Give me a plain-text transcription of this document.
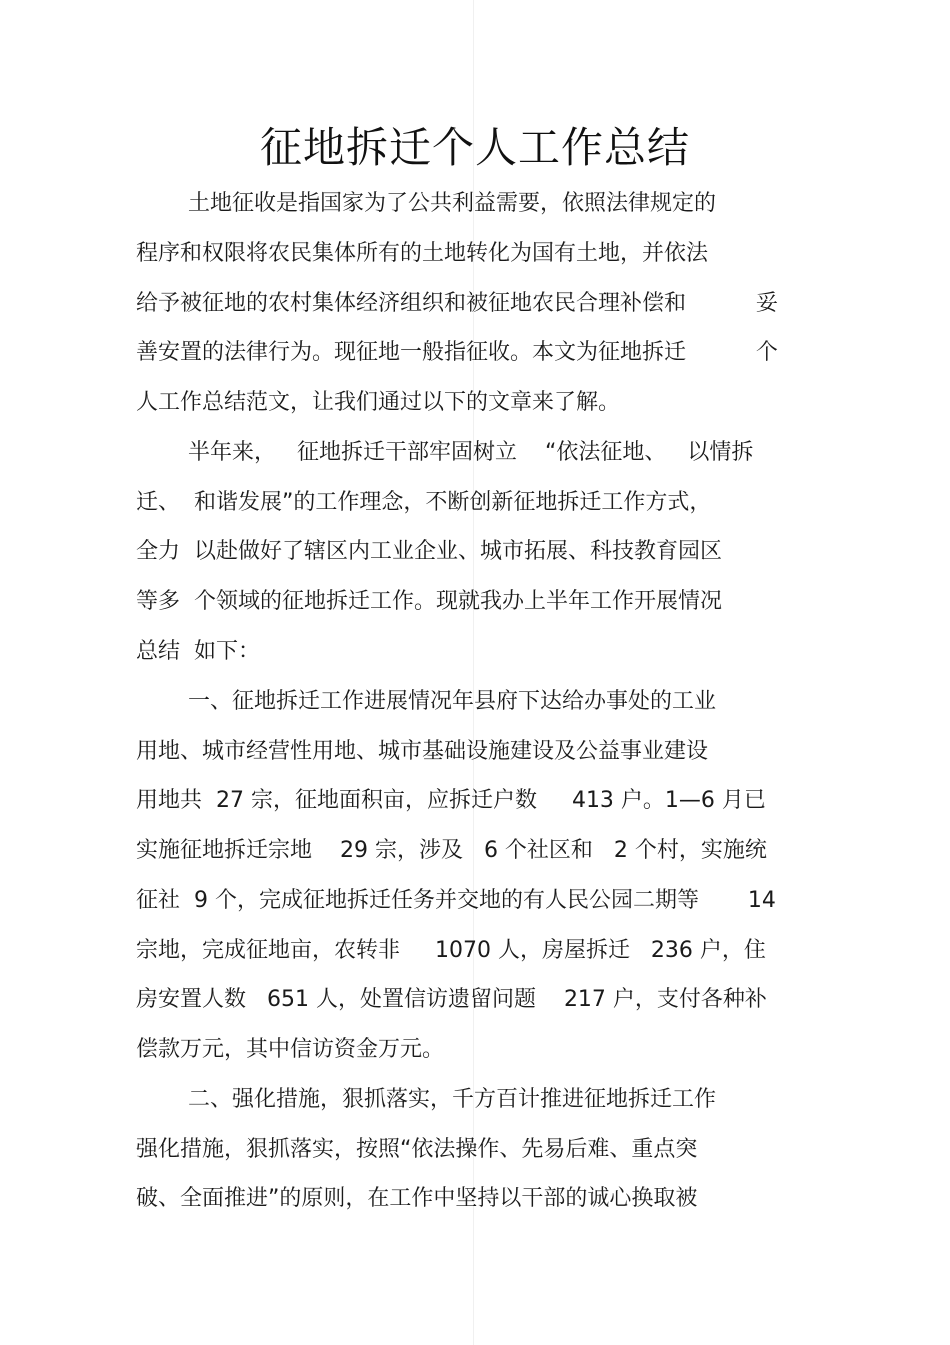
征地拆迁个人工作总结
土地征收是指国家为了公共利益需要，依照法律规定的
程序和权限将农民集体所有的土地转化为国有土地，并依法
给予被征地的农村集体经济组织和被征地农民合理补偿和          妥
善安置的法律行为。现征地一般指征收。本文为征地拆迁          个
人工作总结范文，让我们通过以下的文章来了解。
半年来，   征地拆迁干部牢固树立    “依法征地、   以情拆
迁、  和谐发展”的工作理念，不断创新征地拆迁工作方式，
全力  以赴做好了辖区内工业企业、城市拓展、科技教育园区
等多  个领域的征地拆迁工作。现就我办上半年工作开展情况
总结  如下：
一、征地拆迁工作进展情况年县府下达给办事处的工业
用地、城市经营性用地、城市基础设施建设及公益事业建设
用地共  27 宗，征地面积亩，应拆迁户数     413 户。1—6 月已
实施征地拆迁宗地    29 宗，涉及   6 个社区和   2 个村，实施统
征社  9 个，完成征地拆迁任务并交地的有人民公园二期等       14
宗地，完成征地亩，农转非     1070 人，房屋拆迁   236 户，住
房安置人数   651 人，处置信访遗留问题    217 户，支付各种补
偿款万元，其中信访资金万元。
二、强化措施，狠抓落实，千方百计推进征地拆迁工作
强化措施，狠抓落实，按照“依法操作、先易后难、重点突
破、全面推进”的原则，在工作中坚持以干部的诚心换取被
